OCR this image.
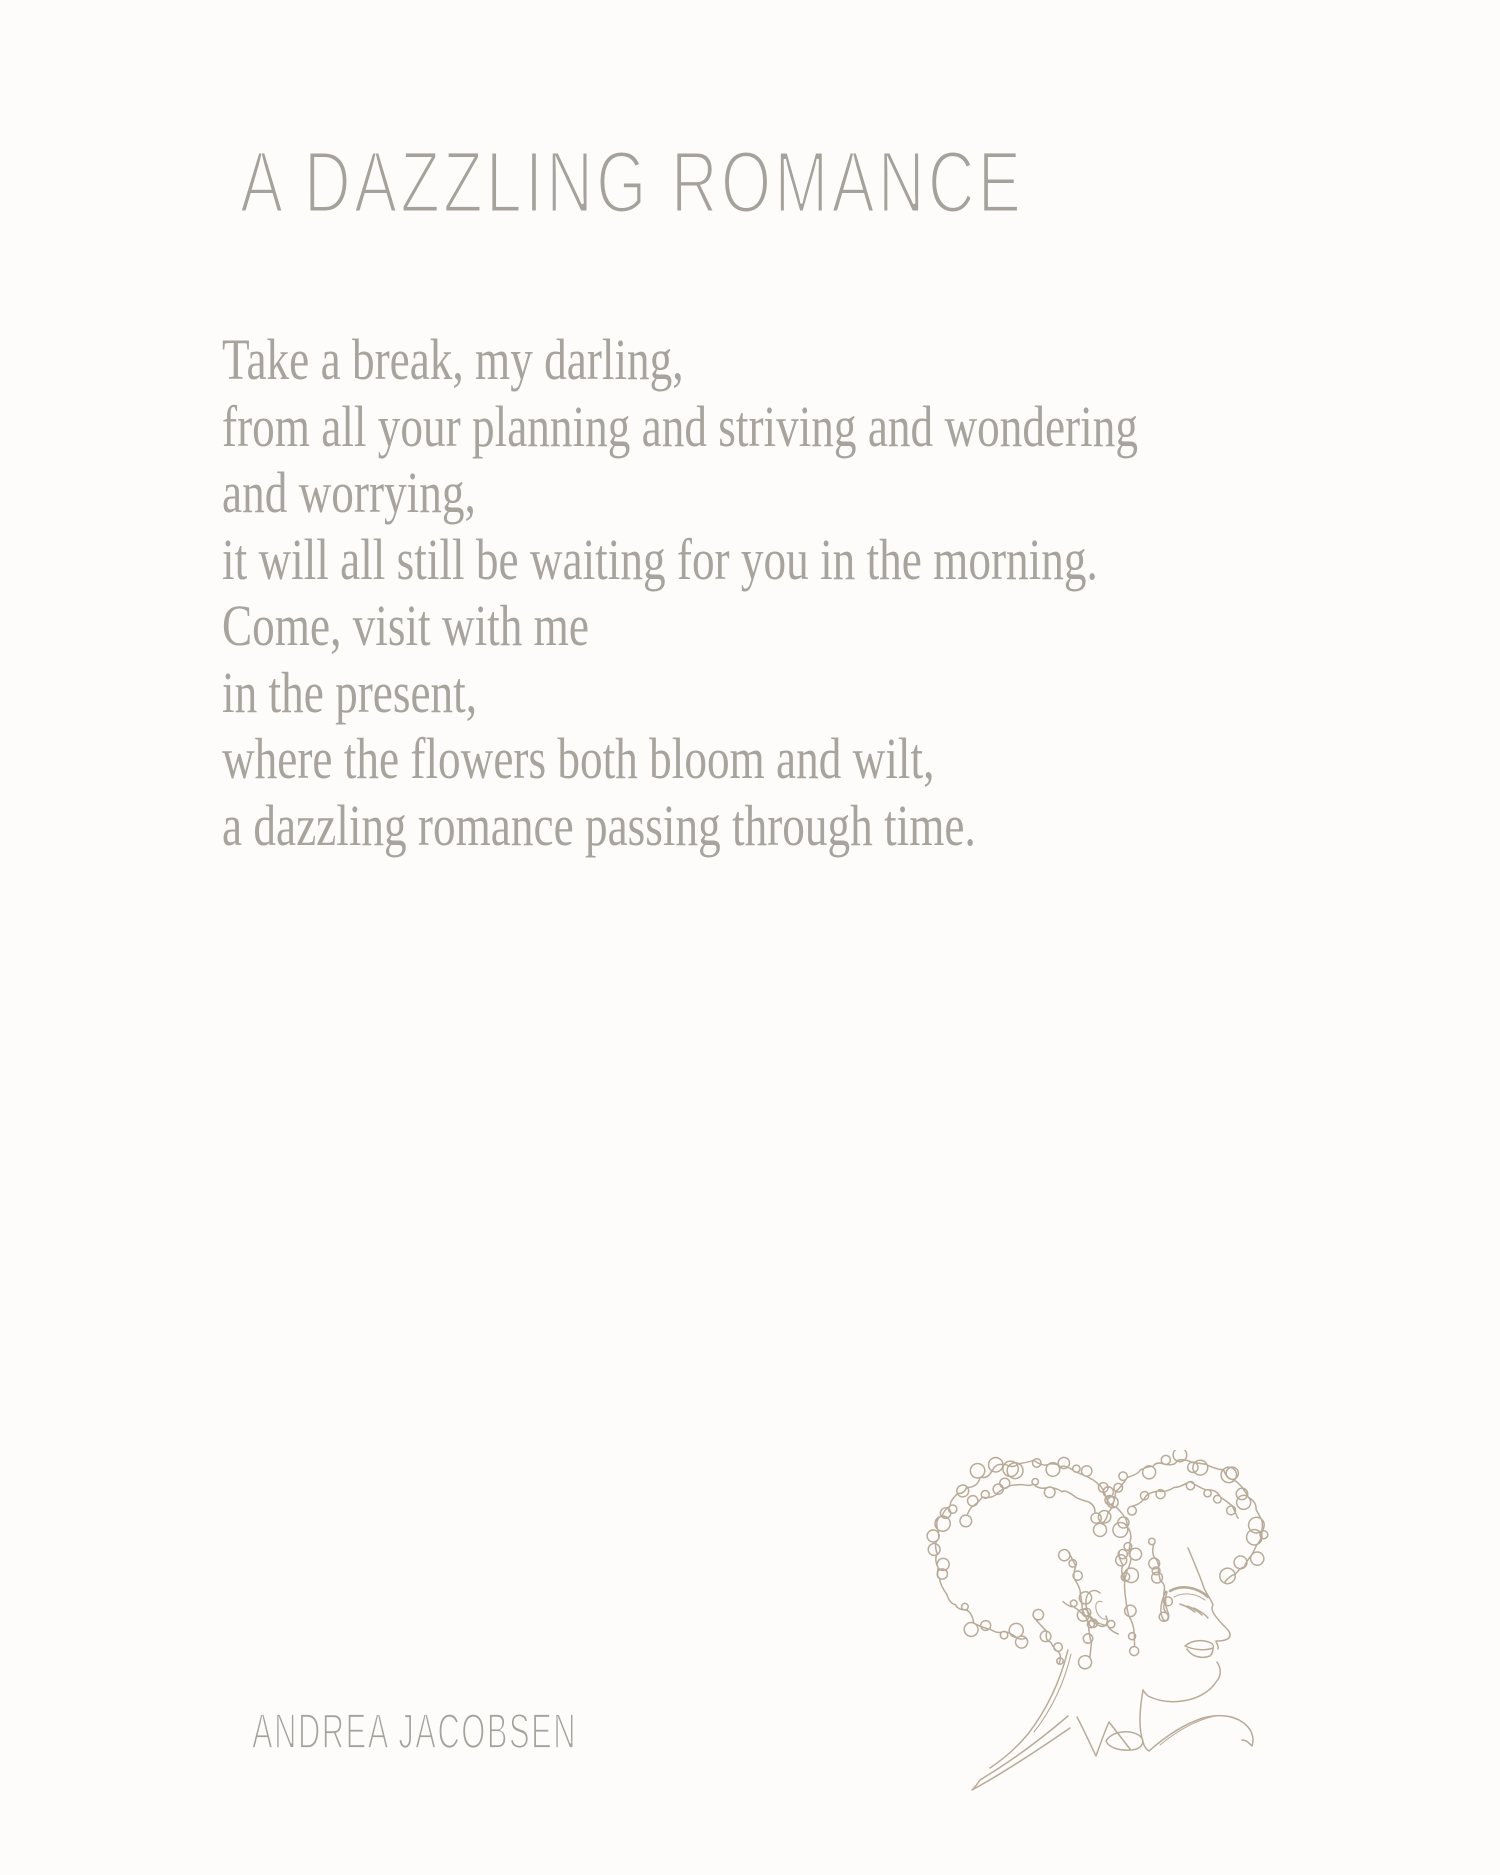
A DAZZLING ROMANCE
Take a break, my darling,
from all your planning and striving and wondering
and worrying,
it will all still be waiting for you in the morning.
Come, visit with me
in the present,
where the flowers both bloom and wilt,
a dazzling romance passing through time.
ANDREA JACOBSEN
